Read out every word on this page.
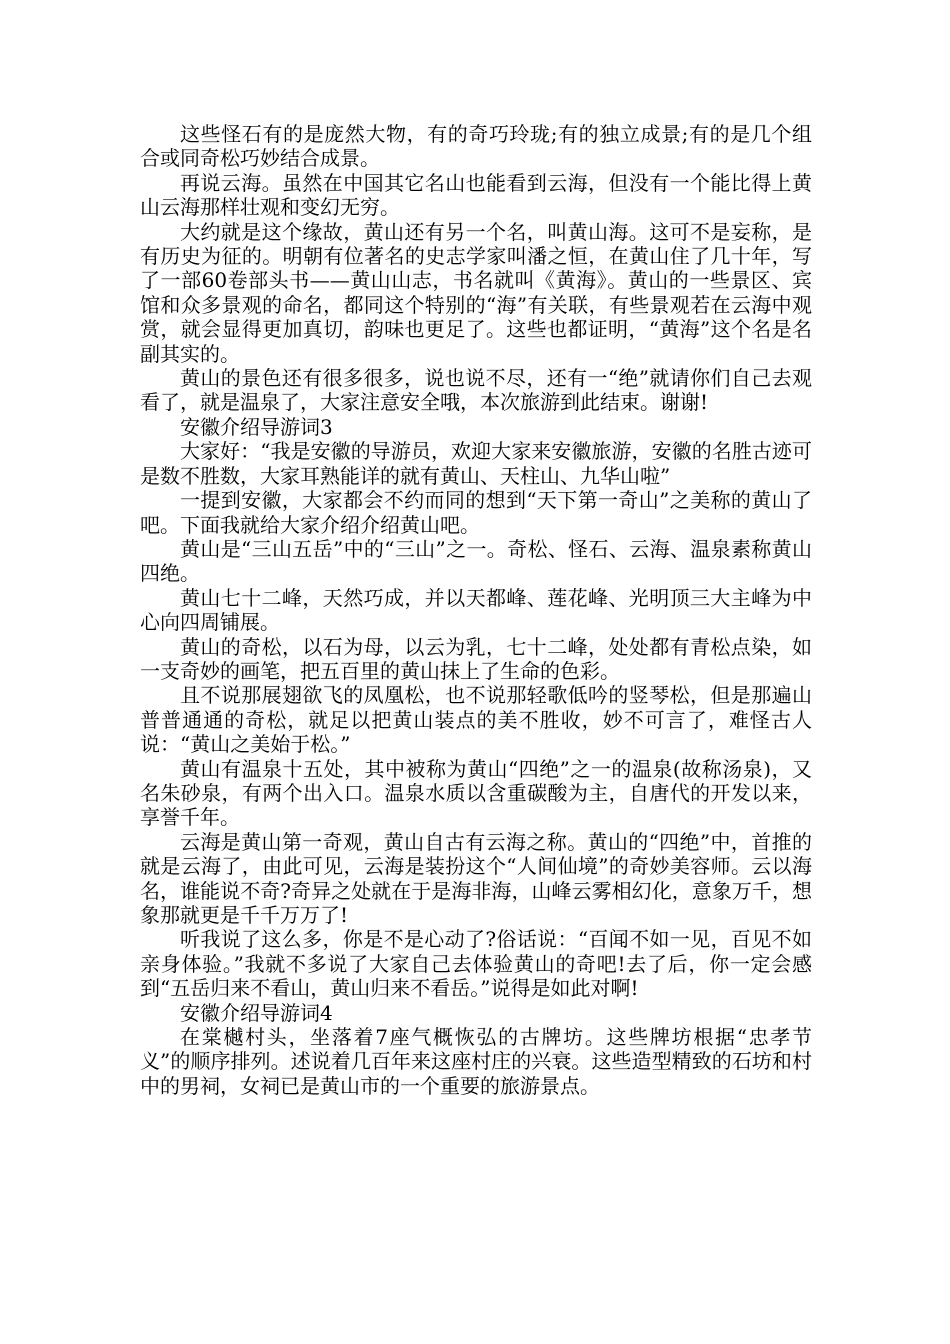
这些怪石有的是庞然大物，有的奇巧玲珑;有的独立成景;有的是几个组合或同奇松巧妙结合成景。

再说云海。虽然在中国其它名山也能看到云海，但没有一个能比得上黄山云海那样壮观和变幻无穷。

大约就是这个缘故，黄山还有另一个名，叫黄山海。这可不是妄称，是有历史为征的。明朝有位著名的史志学家叫潘之恒，在黄山住了几十年，写了一部60卷部头书——黄山山志，书名就叫《黄海》。黄山的一些景区、宾馆和众多景观的命名，都同这个特别的“海”有关联，有些景观若在云海中观赏，就会显得更加真切，韵味也更足了。这些也都证明，“黄海”这个名是名副其实的。

黄山的景色还有很多很多，说也说不尽，还有一“绝”就请你们自己去观看了，就是温泉了，大家注意安全哦，本次旅游到此结束。谢谢!

安徽介绍导游词3

大家好：“我是安徽的导游员，欢迎大家来安徽旅游，安徽的名胜古迹可是数不胜数，大家耳熟能详的就有黄山、天柱山、九华山啦”

一提到安徽，大家都会不约而同的想到“天下第一奇山”之美称的黄山了吧。下面我就给大家介绍介绍黄山吧。

黄山是“三山五岳”中的“三山”之一。奇松、怪石、云海、温泉素称黄山四绝。

黄山七十二峰，天然巧成，并以天都峰、莲花峰、光明顶三大主峰为中心向四周铺展。

黄山的奇松，以石为母，以云为乳，七十二峰，处处都有青松点染，如一支奇妙的画笔，把五百里的黄山抹上了生命的色彩。

且不说那展翅欲飞的凤凰松，也不说那轻歌低吟的竖琴松，但是那遍山普普通通的奇松，就足以把黄山装点的美不胜收，妙不可言了，难怪古人说：“黄山之美始于松。”

黄山有温泉十五处，其中被称为黄山“四绝”之一的温泉(故称汤泉)，又名朱砂泉，有两个出入口。温泉水质以含重碳酸为主，自唐代的开发以来，享誉千年。

云海是黄山第一奇观，黄山自古有云海之称。黄山的“四绝”中，首推的就是云海了，由此可见，云海是装扮这个“人间仙境”的奇妙美容师。云以海名，谁能说不奇?奇异之处就在于是海非海，山峰云雾相幻化，意象万千，想象那就更是千千万万了!

听我说了这么多，你是不是心动了?俗话说：“百闻不如一见，百见不如亲身体验。”我就不多说了大家自己去体验黄山的奇吧!去了后，你一定会感到“五岳归来不看山，黄山归来不看岳。”说得是如此对啊!

安徽介绍导游词4

在棠樾村头，坐落着7座气概恢弘的古牌坊。这些牌坊根据“忠孝节义”的顺序排列。述说着几百年来这座村庄的兴衰。这些造型精致的石坊和村中的男祠，女祠已是黄山市的一个重要的旅游景点。
